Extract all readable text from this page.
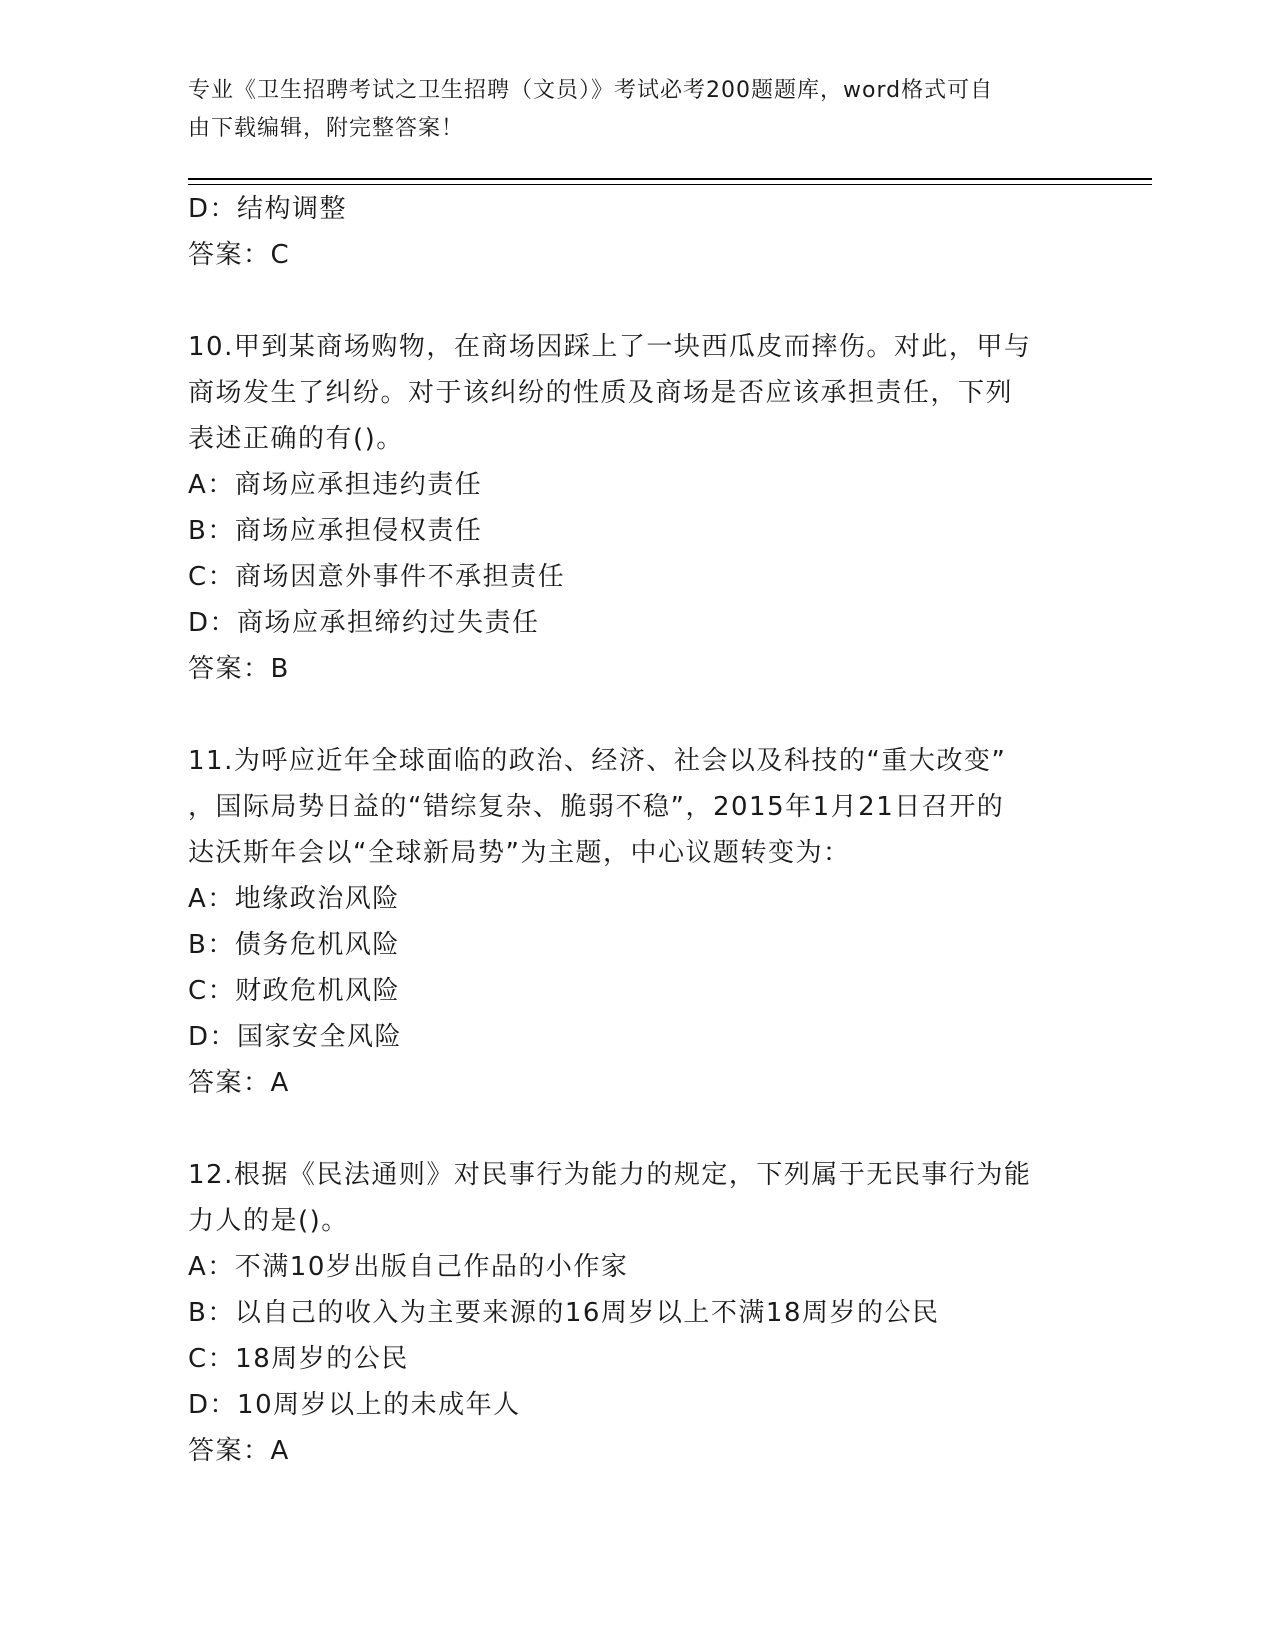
专业《卫生招聘考试之卫生招聘（文员）》考试必考200题题库，word格式可自
由下载编辑，附完整答案！
D：结构调整
答案：C
10.甲到某商场购物，在商场因踩上了一块西瓜皮而摔伤。对此，甲与
商场发生了纠纷。对于该纠纷的性质及商场是否应该承担责任，下列
表述正确的有()。
A：商场应承担违约责任
B：商场应承担侵权责任
C：商场因意外事件不承担责任
D：商场应承担缔约过失责任
答案：B
11.为呼应近年全球面临的政治、经济、社会以及科技的“重大改变”
，国际局势日益的“错综复杂、脆弱不稳”，2015年1月21日召开的
达沃斯年会以“全球新局势”为主题，中心议题转变为：
A：地缘政治风险
B：债务危机风险
C：财政危机风险
D：国家安全风险
答案：A
12.根据《民法通则》对民事行为能力的规定，下列属于无民事行为能
力人的是()。
A：不满10岁出版自己作品的小作家
B：以自己的收入为主要来源的16周岁以上不满18周岁的公民
C：18周岁的公民
D：10周岁以上的未成年人
答案：A
